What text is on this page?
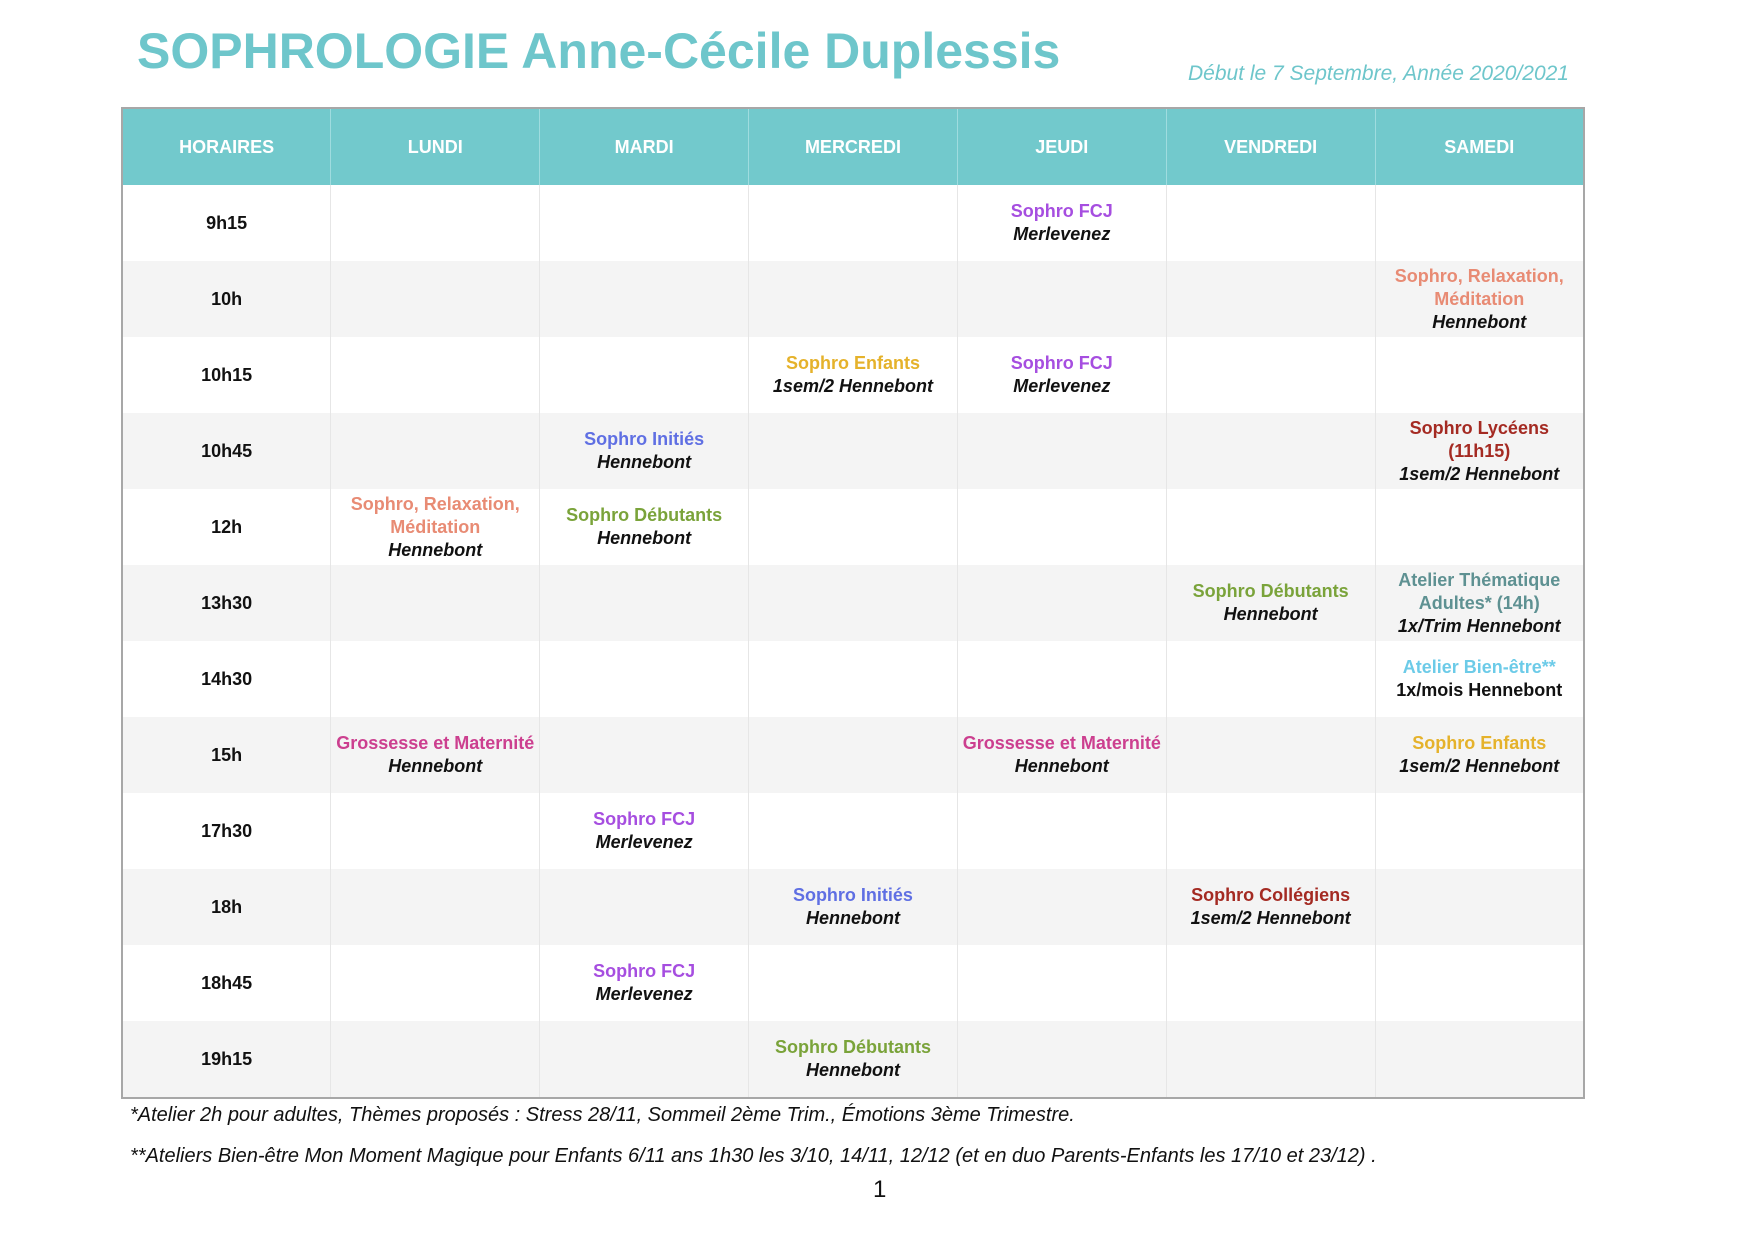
SOPHROLOGIE Anne-Cécile Duplessis	Début le 7 Septembre, Année 2020/2021
HORAIRES	LUNDI	MARDI	MERCREDI	JEUDI	VENDREDI	SAMEDI
9h15				Sophro FCJ
Merlevenez		

10h						Sophro, Relaxation, Méditation
Hennebont

10h15			Sophro Enfants
1sem/2 Hennebont	Sophro FCJ
Merlevenez		

10h45		Sophro Initiés
Hennebont				Sophro Lycéens (11h15)
1sem/2 Hennebont

12h	Sophro, Relaxation, Méditation
Hennebont	Sophro Débutants
Hennebont				

13h30					Sophro Débutants
Hennebont	Atelier Thématique Adultes* (14h)
1x/Trim Hennebont

14h30						Atelier Bien-être**
1x/mois Hennebont

15h	Grossesse et Maternité Hennebont			Grossesse et Maternité Hennebont		Sophro Enfants
1sem/2 Hennebont

17h30		Sophro FCJ
Merlevenez				

18h			Sophro Initiés
Hennebont		Sophro Collégiens
1sem/2 Hennebont	

18h45		Sophro FCJ
Merlevenez				

19h15			Sophro Débutants
Hennebont			

*Atelier 2h pour adultes, Thèmes proposés : Stress 28/11, Sommeil 2ème Trim., Émotions 3ème Trimestre.
**Ateliers Bien-être Mon Moment Magique pour Enfants 6/11 ans 1h30 les 3/10, 14/11, 12/12 (et en duo Parents-Enfants les 17/10 et 23/12) .
1
